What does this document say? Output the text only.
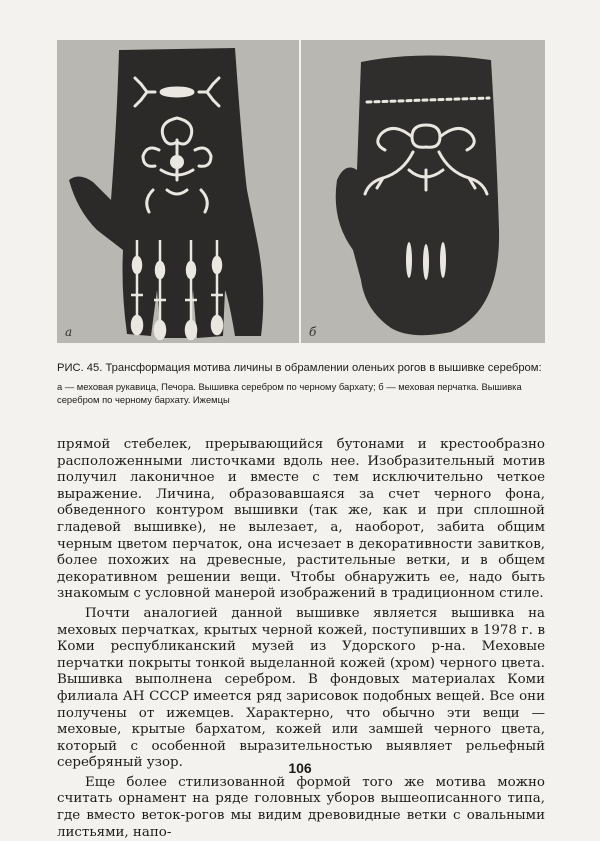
а	б
РИС. 45. Трансформация мотива личины в обрамлении оленьих рогов в вышивке серебром:
а — меховая рукавица, Печора. Вышивка серебром по черному бархату; б — меховая перчатка. Вышивка серебром по черному бархату. Ижемцы

прямой стебелек, прерывающийся бутонами и крестообразно расположенными листочками вдоль нее. Изобразительный мотив получил лаконичное и вместе с тем исключительно четкое выражение. Личина, образовавшаяся за счет черного фона, обведенного контуром вышивки (так же, как и при сплошной гладевой вышивке), не вылезает, а, наоборот, забита общим черным цветом перчаток, она исчезает в декоративности завитков, более похожих на древесные, растительные ветки, и в общем декоративном решении вещи. Чтобы обнаружить ее, надо быть знакомым с условной манерой изображений в традиционном стиле.

Почти аналогией данной вышивке является вышивка на меховых перчатках, крытых черной кожей, поступивших в 1978 г. в Коми республиканский музей из Удорского р-на. Меховые перчатки покрыты тонкой выделанной кожей (хром) черного цвета. Вышивка выполнена серебром. В фондовых материалах Коми филиала АН СССР имеется ряд зарисовок подобных вещей. Все они получены от ижемцев. Характерно, что обычно эти вещи — меховые, крытые бархатом, кожей или замшей черного цвета, который с особенной выразительностью выявляет рельефный серебряный узор.

Еще более стилизованной формой того же мотива можно считать орнамент на ряде головных уборов вышеописанного типа, где вместо веток-рогов мы видим древовидные ветки с овальными листьями, напо-

106
